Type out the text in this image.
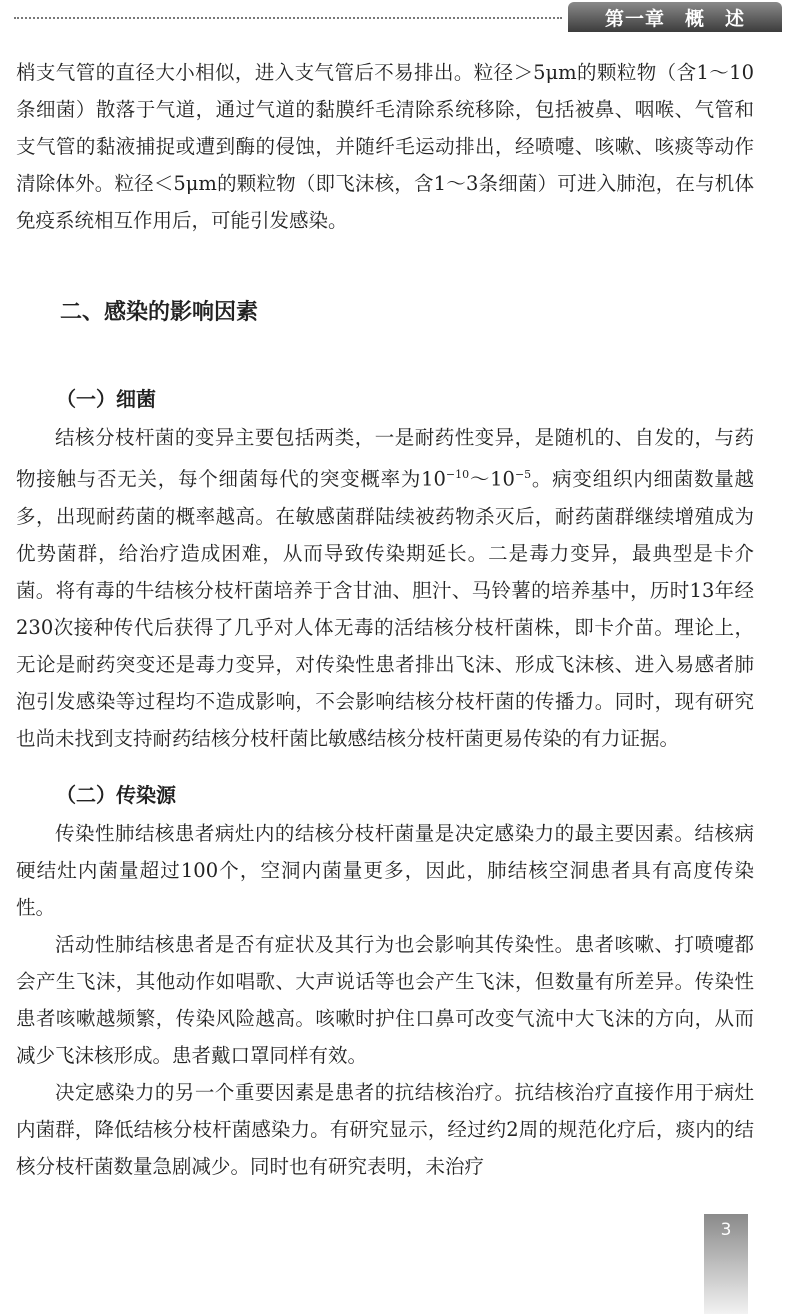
第一章　概　述

梢支气管的直径大小相似，进入支气管后不易排出。粒径＞5μm的颗粒物（含1～10条细菌）散落于气道，通过气道的黏膜纤毛清除系统移除，包括被鼻、咽喉、气管和支气管的黏液捕捉或遭到酶的侵蚀，并随纤毛运动排出，经喷嚏、咳嗽、咳痰等动作清除体外。粒径＜5μm的颗粒物（即飞沫核，含1～3条细菌）可进入肺泡，在与机体免疫系统相互作用后，可能引发感染。

二、感染的影响因素
（一）细菌

结核分枝杆菌的变异主要包括两类，一是耐药性变异，是随机的、自发的，与药物接触与否无关，每个细菌每代的突变概率为$10^{-10}\sim 10^{-5}$。病变组织内细菌数量越多，出现耐药菌的概率越高。在敏感菌群陆续被药物杀灭后，耐药菌群继续增殖成为优势菌群，给治疗造成困难，从而导致传染期延长。二是毒力变异，最典型是卡介菌。将有毒的牛结核分枝杆菌培养于含甘油、胆汁、马铃薯的培养基中，历时13年经230次接种传代后获得了几乎对人体无毒的活结核分枝杆菌株，即卡介苗。理论上，无论是耐药突变还是毒力变异，对传染性患者排出飞沫、形成飞沫核、进入易感者肺泡引发感染等过程均不造成影响，不会影响结核分枝杆菌的传播力。同时，现有研究也尚未找到支持耐药结核分枝杆菌比敏感结核分枝杆菌更易传染的有力证据。

（二）传染源

传染性肺结核患者病灶内的结核分枝杆菌量是决定感染力的最主要因素。结核病硬结灶内菌量超过100个，空洞内菌量更多，因此，肺结核空洞患者具有高度传染性。

活动性肺结核患者是否有症状及其行为也会影响其传染性。患者咳嗽、打喷嚏都会产生飞沫，其他动作如唱歌、大声说话等也会产生飞沫，但数量有所差异。传染性患者咳嗽越频繁，传染风险越高。咳嗽时护住口鼻可改变气流中大飞沫的方向，从而减少飞沫核形成。患者戴口罩同样有效。

决定感染力的另一个重要因素是患者的抗结核治疗。抗结核治疗直接作用于病灶内菌群，降低结核分枝杆菌感染力。有研究显示，经过约2周的规范化疗后，痰内的结核分枝杆菌数量急剧减少。同时也有研究表明，未治疗

3
